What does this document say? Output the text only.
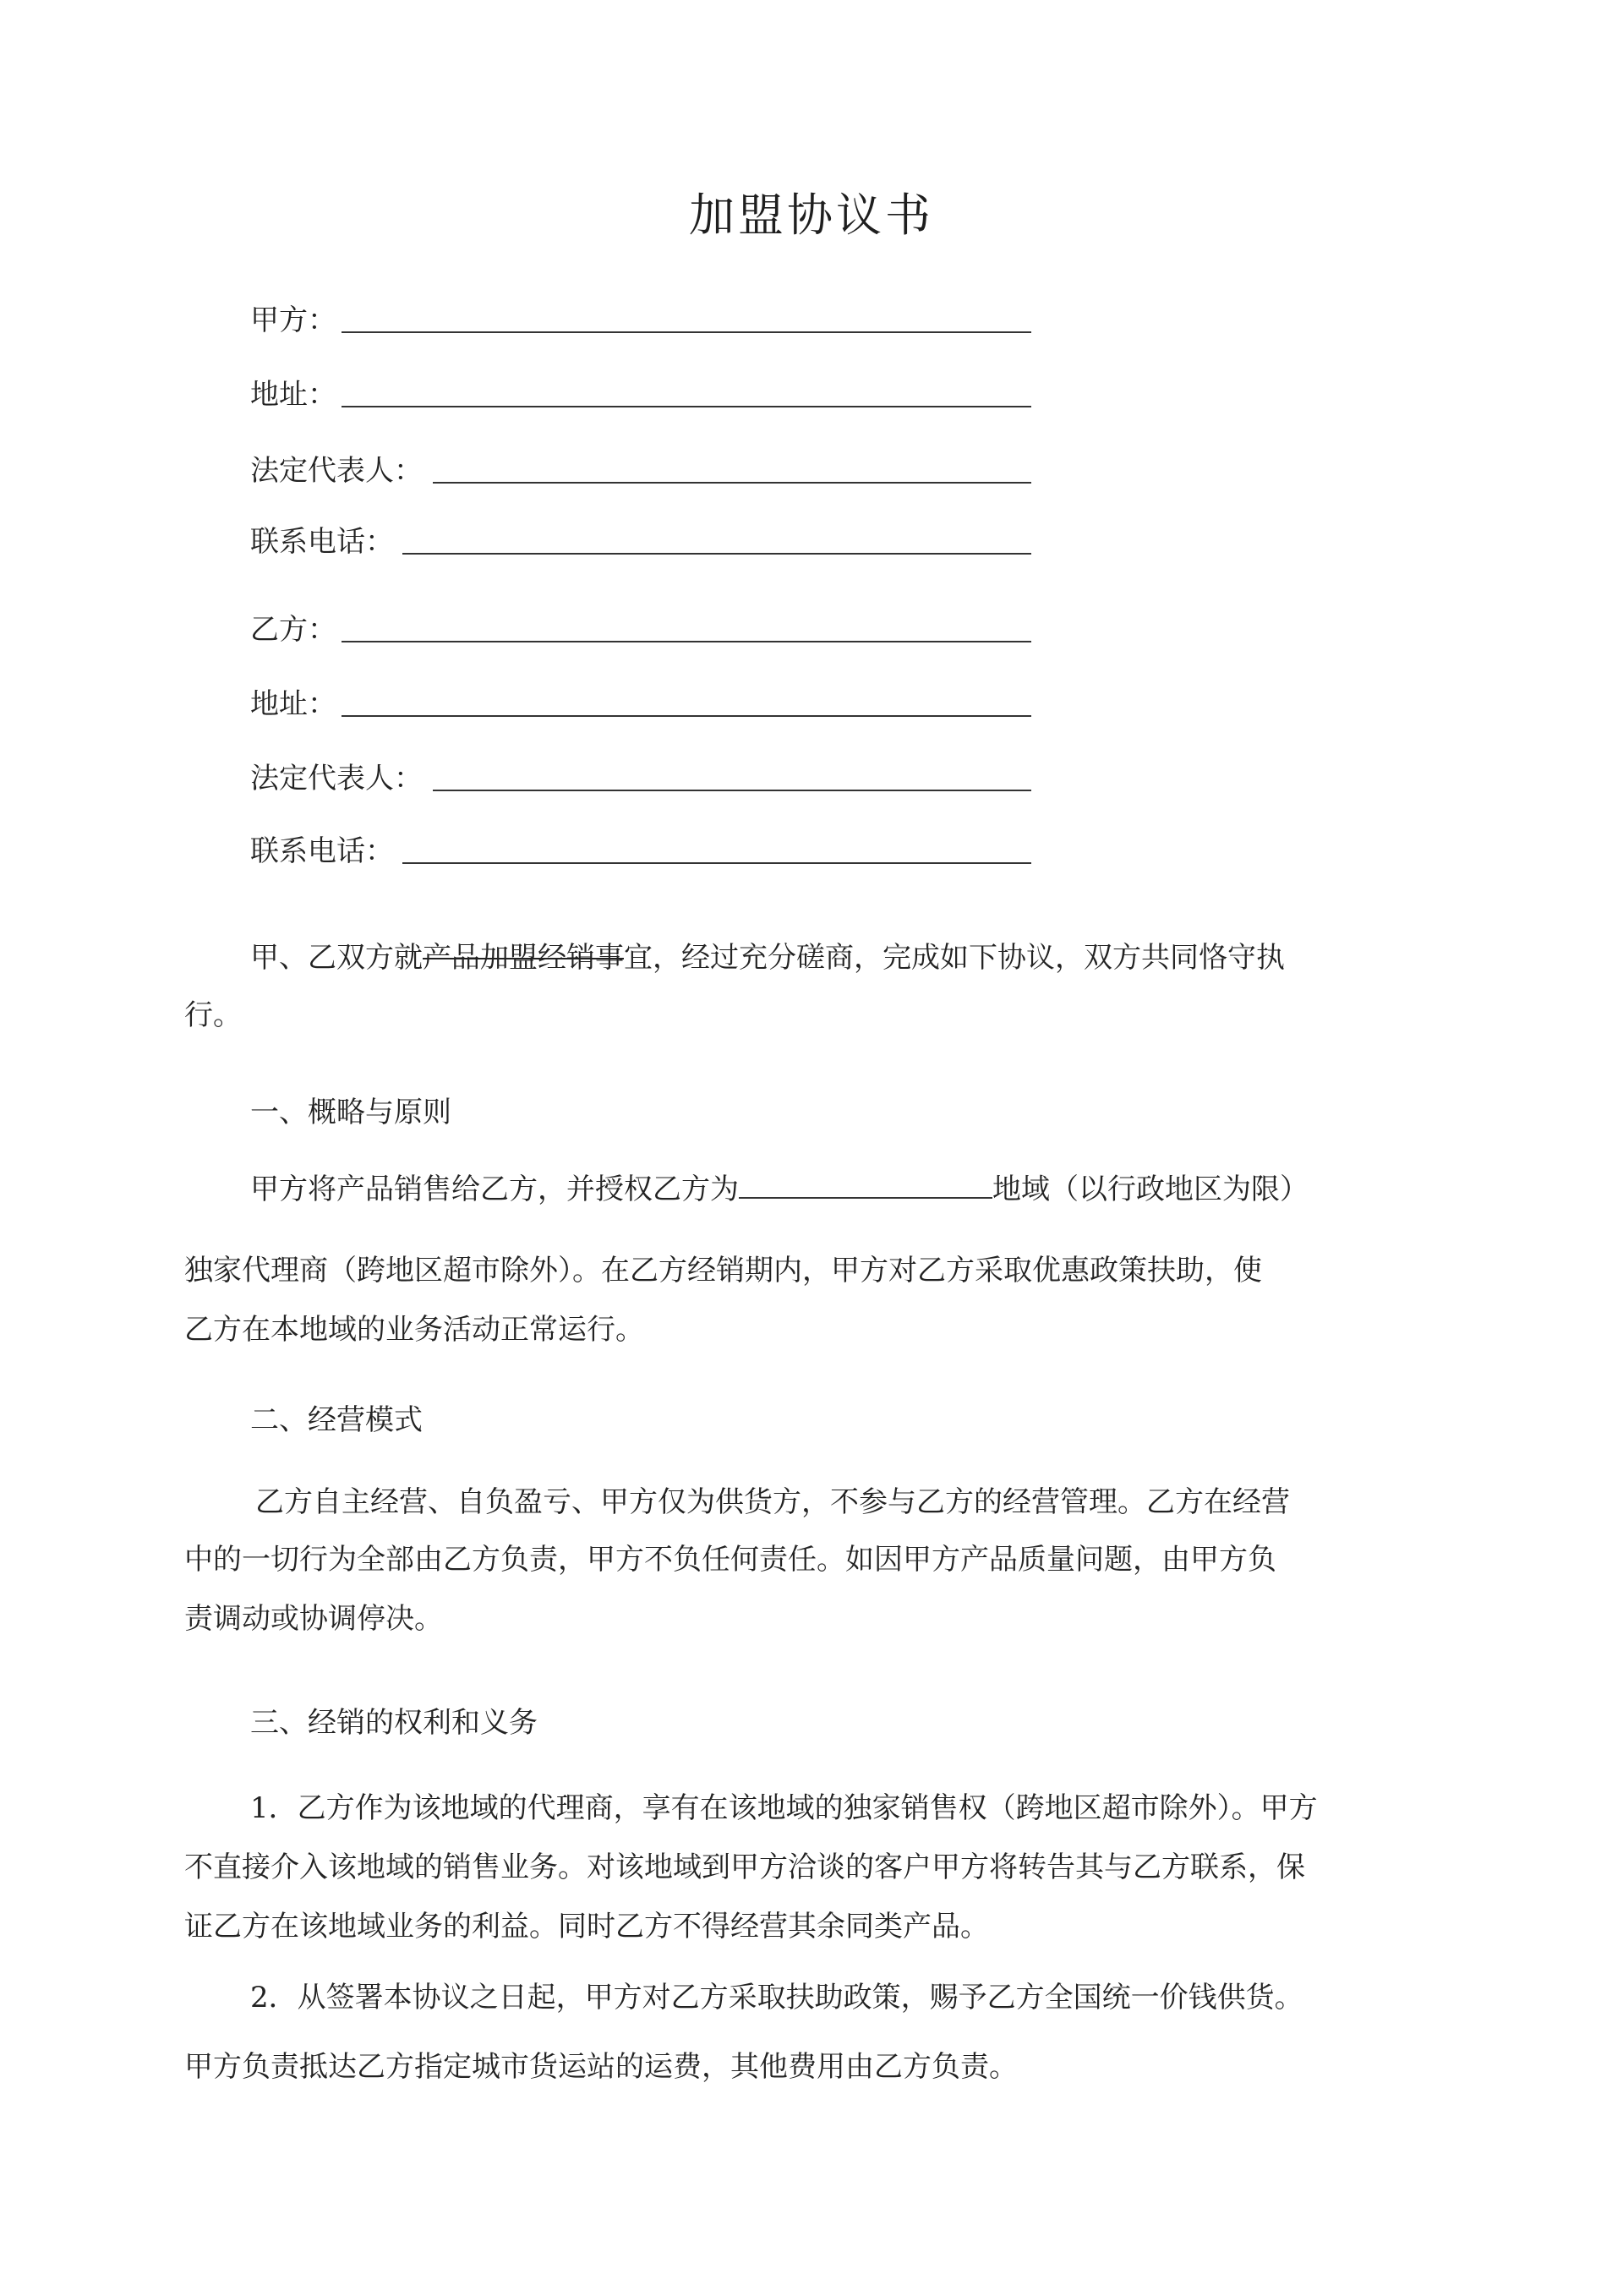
加盟协议书
甲方：
地址：
法定代表人：
联系电话：
乙方：
地址：
法定代表人：
联系电话：
甲、乙双方就产品加盟经销事宜，经过充分磋商，完成如下协议，双方共同恪守执
行。
一、概略与原则
甲方将产品销售给乙方，并授权乙方为	地域（以行政地区为限）
独家代理商（跨地区超市除外）。在乙方经销期内，甲方对乙方采取优惠政策扶助，使
乙方在本地域的业务活动正常运行。
二、经营模式
乙方自主经营、自负盈亏、甲方仅为供货方，不参与乙方的经营管理。乙方在经营
中的一切行为全部由乙方负责，甲方不负任何责任。如因甲方产品质量问题，由甲方负
责调动或协调停决。
三、经销的权利和义务
1．乙方作为该地域的代理商，享有在该地域的独家销售权（跨地区超市除外）。甲方
不直接介入该地域的销售业务。对该地域到甲方洽谈的客户甲方将转告其与乙方联系，保
证乙方在该地域业务的利益。同时乙方不得经营其余同类产品。
2．从签署本协议之日起，甲方对乙方采取扶助政策，赐予乙方全国统一价钱供货。
甲方负责抵达乙方指定城市货运站的运费，其他费用由乙方负责。
